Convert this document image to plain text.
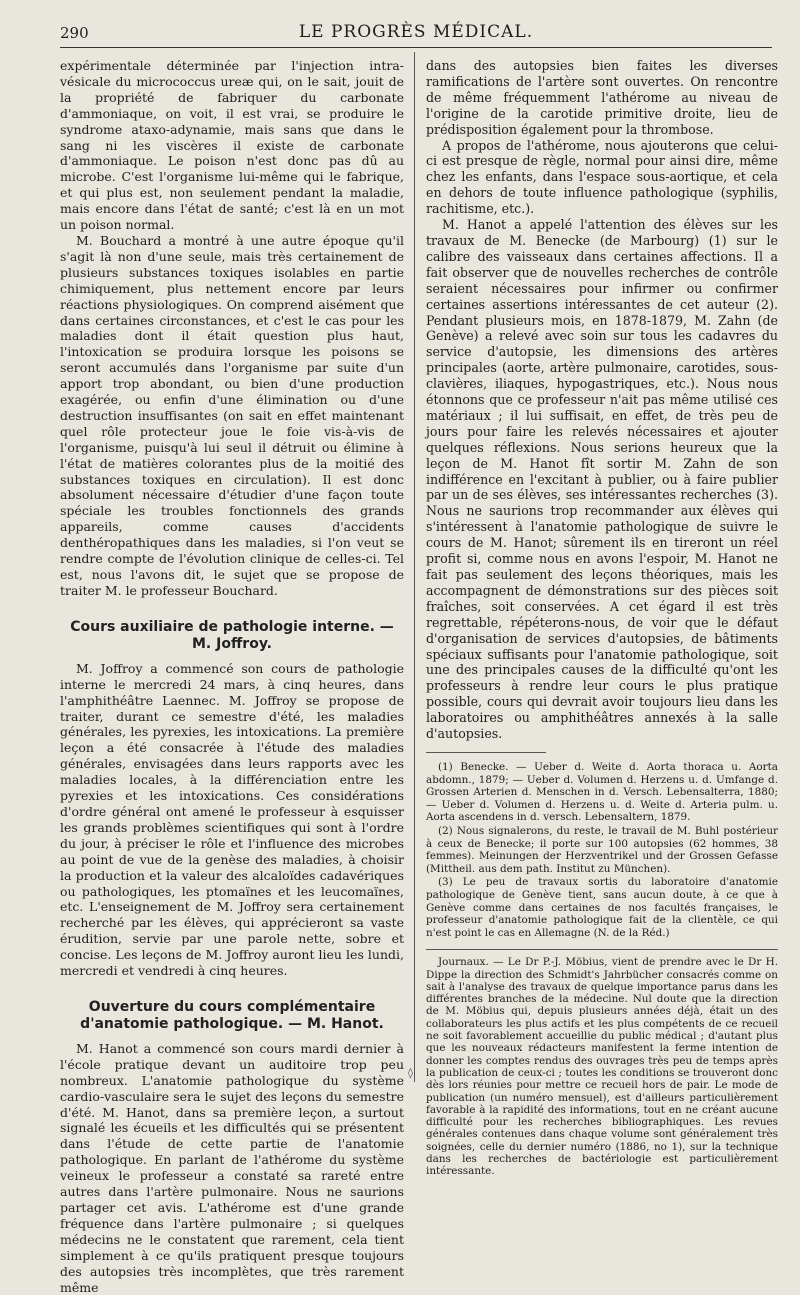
290	LE PROGRÈS MÉDICAL.

expérimentale déterminée par l'injection intra-vésicale du micrococcus ureæ qui, on le sait, jouit de la propriété de fabriquer du carbonate d'ammoniaque, on voit, il est vrai, se produire le syndrome ataxo-adynamie, mais sans que dans le sang ni les viscères il existe de carbonate d'ammoniaque. Le poison n'est donc pas dû au microbe. C'est l'organisme lui-même qui le fabrique, et qui plus est, non seulement pendant la maladie, mais encore dans l'état de santé; c'est là en un mot un poison normal.

M. Bouchard a montré à une autre époque qu'il s'agit là non d'une seule, mais très certainement de plusieurs substances toxiques isolables en partie chimiquement, plus nettement encore par leurs réactions physiologiques. On comprend aisément que dans certaines circonstances, et c'est le cas pour les maladies dont il était question plus haut, l'intoxication se produira lorsque les poisons se seront accumulés dans l'organisme par suite d'un apport trop abondant, ou bien d'une production exagérée, ou enfin d'une élimination ou d'une destruction insuffisantes (on sait en effet maintenant quel rôle protecteur joue le foie vis-à-vis de l'organisme, puisqu'à lui seul il détruit ou élimine à l'état de matières colorantes plus de la moitié des substances toxiques en circulation). Il est donc absolument nécessaire d'étudier d'une façon toute spéciale les troubles fonctionnels des grands appareils, comme causes d'accidents denthéropathiques dans les maladies, si l'on veut se rendre compte de l'évolution clinique de celles-ci. Tel est, nous l'avons dit, le sujet que se propose de traiter M. le professeur Bouchard.

Cours auxiliaire de pathologie interne. — M. Joffroy.

M. Joffroy a commencé son cours de pathologie interne le mercredi 24 mars, à cinq heures, dans l'amphithéâtre Laennec. M. Joffroy se propose de traiter, durant ce semestre d'été, les maladies générales, les pyrexies, les intoxications. La première leçon a été consacrée à l'étude des maladies générales, envisagées dans leurs rapports avec les maladies locales, à la différenciation entre les pyrexies et les intoxications. Ces considérations d'ordre général ont amené le professeur à esquisser les grands problèmes scientifiques qui sont à l'ordre du jour, à préciser le rôle et l'influence des microbes au point de vue de la genèse des maladies, à choisir la production et la valeur des alcaloïdes cadavériques ou pathologiques, les ptomaïnes et les leucomaïnes, etc. L'enseignement de M. Joffroy sera certainement recherché par les élèves, qui apprécieront sa vaste érudition, servie par une parole nette, sobre et concise. Les leçons de M. Joffroy auront lieu les lundi, mercredi et vendredi à cinq heures.

Ouverture du cours complémentaire d'anatomie pathologique. — M. Hanot.

M. Hanot a commencé son cours mardi dernier à l'école pratique devant un auditoire trop peu nombreux. L'anatomie pathologique du système cardio-vasculaire sera le sujet des leçons du semestre d'été. M. Hanot, dans sa première leçon, a surtout signalé les écueils et les difficultés qui se présentent dans l'étude de cette partie de l'anatomie pathologique. En parlant de l'athérome du système veineux le professeur a constaté sa rareté entre autres dans l'artère pulmonaire. Nous ne saurions partager cet avis. L'athérome est d'une grande fréquence dans l'artère pulmonaire ; si quelques médecins ne le constatent que rarement, cela tient simplement à ce qu'ils pratiquent presque toujours des autopsies très incomplètes, que très rarement même

dans des autopsies bien faites les diverses ramifications de l'artère sont ouvertes. On rencontre de même fréquemment l'athérome au niveau de l'origine de la carotide primitive droite, lieu de prédisposition également pour la thrombose.

A propos de l'athérome, nous ajouterons que celui-ci est presque de règle, normal pour ainsi dire, même chez les enfants, dans l'espace sous-aortique, et cela en dehors de toute influence pathologique (syphilis, rachitisme, etc.).

M. Hanot a appelé l'attention des élèves sur les travaux de M. Benecke (de Marbourg) (1) sur le calibre des vaisseaux dans certaines affections. Il a fait observer que de nouvelles recherches de contrôle seraient nécessaires pour infirmer ou confirmer certaines assertions intéressantes de cet auteur (2). Pendant plusieurs mois, en 1878-1879, M. Zahn (de Genève) a relevé avec soin sur tous les cadavres du service d'autopsie, les dimensions des artères principales (aorte, artère pulmonaire, carotides, sous-clavières, iliaques, hypogastriques, etc.). Nous nous étonnons que ce professeur n'ait pas même utilisé ces matériaux ; il lui suffisait, en effet, de très peu de jours pour faire les relevés nécessaires et ajouter quelques réflexions. Nous serions heureux que la leçon de M. Hanot fît sortir M. Zahn de son indifférence en l'excitant à publier, ou à faire publier par un de ses élèves, ses intéressantes recherches (3). Nous ne saurions trop recommander aux élèves qui s'intéressent à l'anatomie pathologique de suivre le cours de M. Hanot; sûrement ils en tireront un réel profit si, comme nous en avons l'espoir, M. Hanot ne fait pas seulement des leçons théoriques, mais les accompagnent de démonstrations sur des pièces soit fraîches, soit conservées. A cet égard il est très regrettable, répéterons-nous, de voir que le défaut d'organisation de services d'autopsies, de bâtiments spéciaux suffisants pour l'anatomie pathologique, soit une des principales causes de la difficulté qu'ont les professeurs à rendre leur cours le plus pratique possible, cours qui devrait avoir toujours lieu dans les laboratoires ou amphithéâtres annexés à la salle d'autopsies.

(1) Benecke. — Ueber d. Weite d. Aorta thoraca u. Aorta abdomn., 1879; — Ueber d. Volumen d. Herzens u. d. Umfange d. Grossen Arterien d. Menschen in d. Versch. Lebensalterra, 1880; — Ueber d. Volumen d. Herzens u. d. Weite d. Arteria pulm. u. Aorta ascendens in d. versch. Lebensaltern, 1879.

(2) Nous signalerons, du reste, le travail de M. Buhl postérieur à ceux de Benecke; il porte sur 100 autopsies (62 hommes, 38 femmes). Meinungen der Herzventrikel und der Grossen Gefasse (Mittheil. aus dem path. Institut zu München).

(3) Le peu de travaux sortis du laboratoire d'anatomie pathologique de Genève tient, sans aucun doute, à ce que à Genève comme dans certaines de nos facultés françaises, le professeur d'anatomie pathologique fait de la clientèle, ce qui n'est point le cas en Allemagne (N. de la Réd.)

Journaux. — Le Dr P.-J. Möbius, vient de prendre avec le Dr H. Dippe la direction des Schmidt's Jahrbücher consacrés comme on sait à l'analyse des travaux de quelque importance parus dans les différentes branches de la médecine. Nul doute que la direction de M. Möbius qui, depuis plusieurs années déjà, était un des collaborateurs les plus actifs et les plus compétents de ce recueil ne soit favorablement accueillie du public médical ; d'autant plus que les nouveaux rédacteurs manifestent la ferme intention de donner les comptes rendus des ouvrages très peu de temps après la publication de ceux-ci ; toutes les conditions se trouveront donc dès lors réunies pour mettre ce recueil hors de pair. Le mode de publication (un numéro mensuel), est d'ailleurs particulièrement favorable à la rapidité des informations, tout en ne créant aucune difficulté pour les recherches bibliographiques. Les revues générales contenues dans chaque volume sont généralement très soignées, celle du dernier numéro (1886, no 1), sur la technique dans les recherches de bactériologie est particulièrement intéressante.

◊
